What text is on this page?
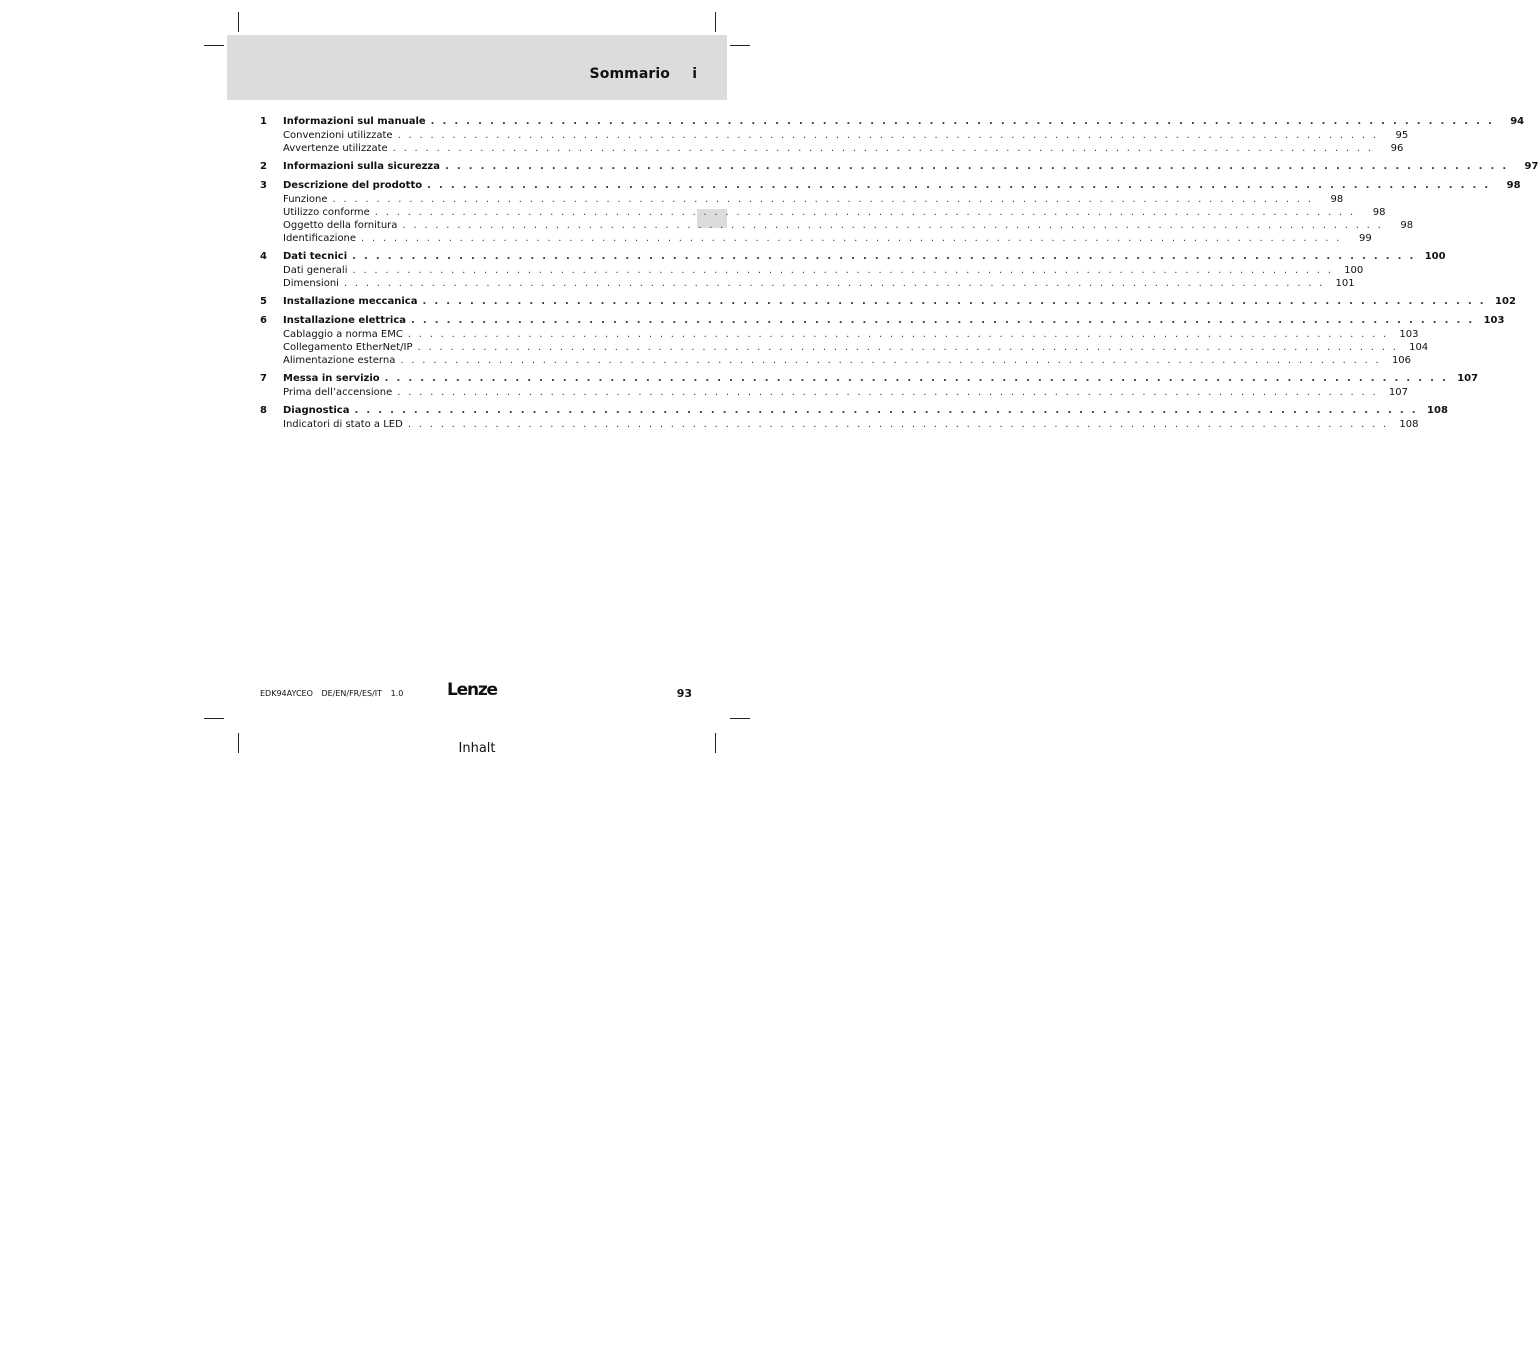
Sommario i
1	Informazioni sul manuale . . . . . . . . . . . . . . . . . . . . . . . . . . . . . . . . . . . . . . . . . . . . . . . . . . . . . . . . . . . . . . . . . . . . . . . . . . . . . . . . . . . . . . . . . .	94
Convenzioni utilizzate . . . . . . . . . . . . . . . . . . . . . . . . . . . . . . . . . . . . . . . . . . . . . . . . . . . . . . . . . . . . . . . . . . . . . . . . . . . . . . . . . . . . . . . . . .	95
Avvertenze utilizzate . . . . . . . . . . . . . . . . . . . . . . . . . . . . . . . . . . . . . . . . . . . . . . . . . . . . . . . . . . . . . . . . . . . . . . . . . . . . . . . . . . . . . . . . . .	96
2	Informazioni sulla sicurezza . . . . . . . . . . . . . . . . . . . . . . . . . . . . . . . . . . . . . . . . . . . . . . . . . . . . . . . . . . . . . . . . . . . . . . . . . . . . . . . . . . . . . . . . . .	97
3	Descrizione del prodotto . . . . . . . . . . . . . . . . . . . . . . . . . . . . . . . . . . . . . . . . . . . . . . . . . . . . . . . . . . . . . . . . . . . . . . . . . . . . . . . . . . . . . . . . . .	98
Funzione . . . . . . . . . . . . . . . . . . . . . . . . . . . . . . . . . . . . . . . . . . . . . . . . . . . . . . . . . . . . . . . . . . . . . . . . . . . . . . . . . . . . . . . . . .	98
Utilizzo conforme . . . . . . . . . . . . . . . . . . . . . . . . . . . . . . . . . . . . . . . . . . . . . . . . . . . . . . . . . . . . . . . . . . . . . . . . . . . . . . . . . . . . . . . . . .	98
Oggetto della fornitura . . . . . . . . . . . . . . . . . . . . . . . . . . . . . . . . . . . . . . . . . . . . . . . . . . . . . . . . . . . . . . . . . . . . . . . . . . . . . . . . . . . . . . . . . .	98
Identificazione . . . . . . . . . . . . . . . . . . . . . . . . . . . . . . . . . . . . . . . . . . . . . . . . . . . . . . . . . . . . . . . . . . . . . . . . . . . . . . . . . . . . . . . . . .	99
4	Dati tecnici . . . . . . . . . . . . . . . . . . . . . . . . . . . . . . . . . . . . . . . . . . . . . . . . . . . . . . . . . . . . . . . . . . . . . . . . . . . . . . . . . . . . . . . . . . 100
Dati generali . . . . . . . . . . . . . . . . . . . . . . . . . . . . . . . . . . . . . . . . . . . . . . . . . . . . . . . . . . . . . . . . . . . . . . . . . . . . . . . . . . . . . . . . . .	100
Dimensioni . . . . . . . . . . . . . . . . . . . . . . . . . . . . . . . . . . . . . . . . . . . . . . . . . . . . . . . . . . . . . . . . . . . . . . . . . . . . . . . . . . . . . . . . . .	101
5	Installazione meccanica . . . . . . . . . . . . . . . . . . . . . . . . . . . . . . . . . . . . . . . . . . . . . . . . . . . . . . . . . . . . . . . . . . . . . . . . . . . . . . . . . . . . . . . . . . 102
6	Installazione elettrica . . . . . . . . . . . . . . . . . . . . . . . . . . . . . . . . . . . . . . . . . . . . . . . . . . . . . . . . . . . . . . . . . . . . . . . . . . . . . . . . . . . . . . . . . . 103
Cablaggio a norma EMC . . . . . . . . . . . . . . . . . . . . . . . . . . . . . . . . . . . . . . . . . . . . . . . . . . . . . . . . . . . . . . . . . . . . . . . . . . . . . . . . . . . . . . . . . .	103
Collegamento EtherNet/IP . . . . . . . . . . . . . . . . . . . . . . . . . . . . . . . . . . . . . . . . . . . . . . . . . . . . . . . . . . . . . . . . . . . . . . . . . . . . . . . . . . . . . . . . . .	104
Alimentazione esterna . . . . . . . . . . . . . . . . . . . . . . . . . . . . . . . . . . . . . . . . . . . . . . . . . . . . . . . . . . . . . . . . . . . . . . . . . . . . . . . . . . . . . . . . . .	106
7	Messa in servizio . . . . . . . . . . . . . . . . . . . . . . . . . . . . . . . . . . . . . . . . . . . . . . . . . . . . . . . . . . . . . . . . . . . . . . . . . . . . . . . . . . . . . . . . . . 107
Prima dell’accensione . . . . . . . . . . . . . . . . . . . . . . . . . . . . . . . . . . . . . . . . . . . . . . . . . . . . . . . . . . . . . . . . . . . . . . . . . . . . . . . . . . . . . . . . . .	107
8	Diagnostica . . . . . . . . . . . . . . . . . . . . . . . . . . . . . . . . . . . . . . . . . . . . . . . . . . . . . . . . . . . . . . . . . . . . . . . . . . . . . . . . . . . . . . . . . . 108
Indicatori di stato a LED . . . . . . . . . . . . . . . . . . . . . . . . . . . . . . . . . . . . . . . . . . . . . . . . . . . . . . . . . . . . . . . . . . . . . . . . . . . . . . . . . . . . . . . . . .	108
EDK94AYCEO DE/EN/FR/ES/IT 1.0	Lenze	93
Inhalt
